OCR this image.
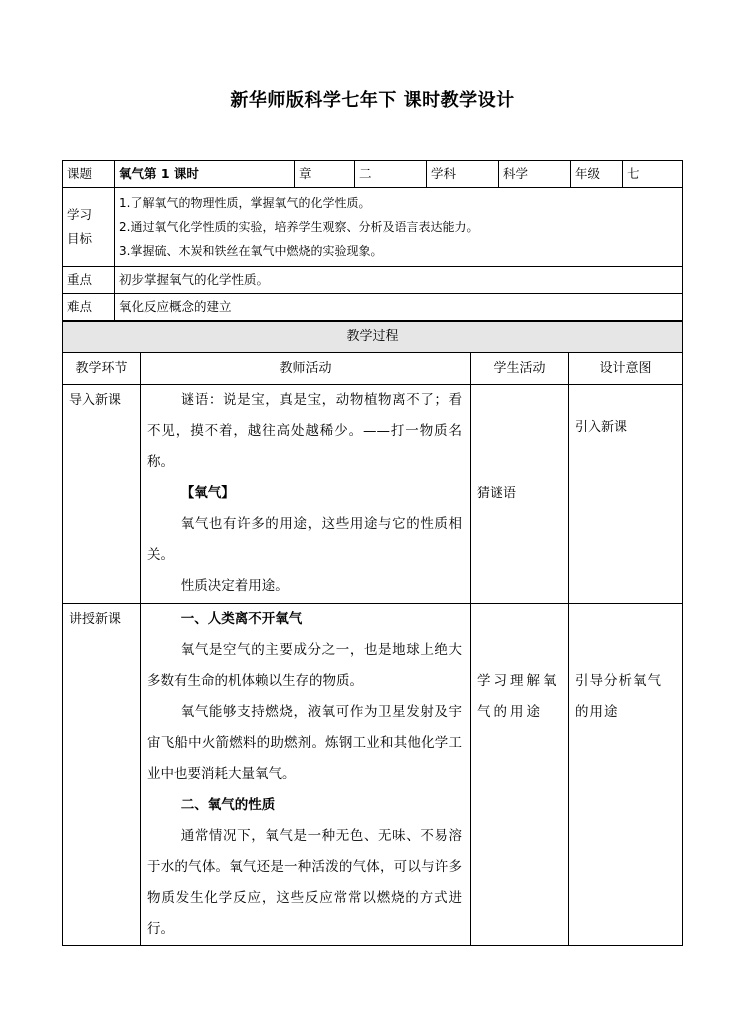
新华师版科学七年下 课时教学设计
课题	氧气第 1 课时	章	二	学科	科学	年级	七

学习目标	1.了解氧气的物理性质，掌握氧气的化学性质。
2.通过氧气化学性质的实验，培养学生观察、分析及语言表达能力。
3.掌握硫、木炭和铁丝在氧气中燃烧的实验现象。						

重点	初步掌握氧气的化学性质。						
难点	氧化反应概念的建立						
教学过程			
教学环节	教师活动	学生活动	设计意图
导入新课	谜语：说是宝，真是宝，动物植物离不了；看不见，摸不着，越往高处越稀少。——打一物质名称。

【氧气】

氧气也有许多的用途，这些用途与它的性质相关。

性质决定着用途。	猜谜语	引入新课
讲授新课	一、人类离不开氧气

氧气是空气的主要成分之一，也是地球上绝大多数有生命的机体赖以生存的物质。

氧气能够支持燃烧，液氧可作为卫星发射及宇宙飞船中火箭燃料的助燃剂。炼钢工业和其他化学工业中也要消耗大量氧气。

二、氧气的性质

通常情况下，氧气是一种无色、无味、不易溶于水的气体。氧气还是一种活泼的气体，可以与许多物质发生化学反应，这些反应常常以燃烧的方式进行。	学习理解氧气的用途	引导分析氧气的用途
